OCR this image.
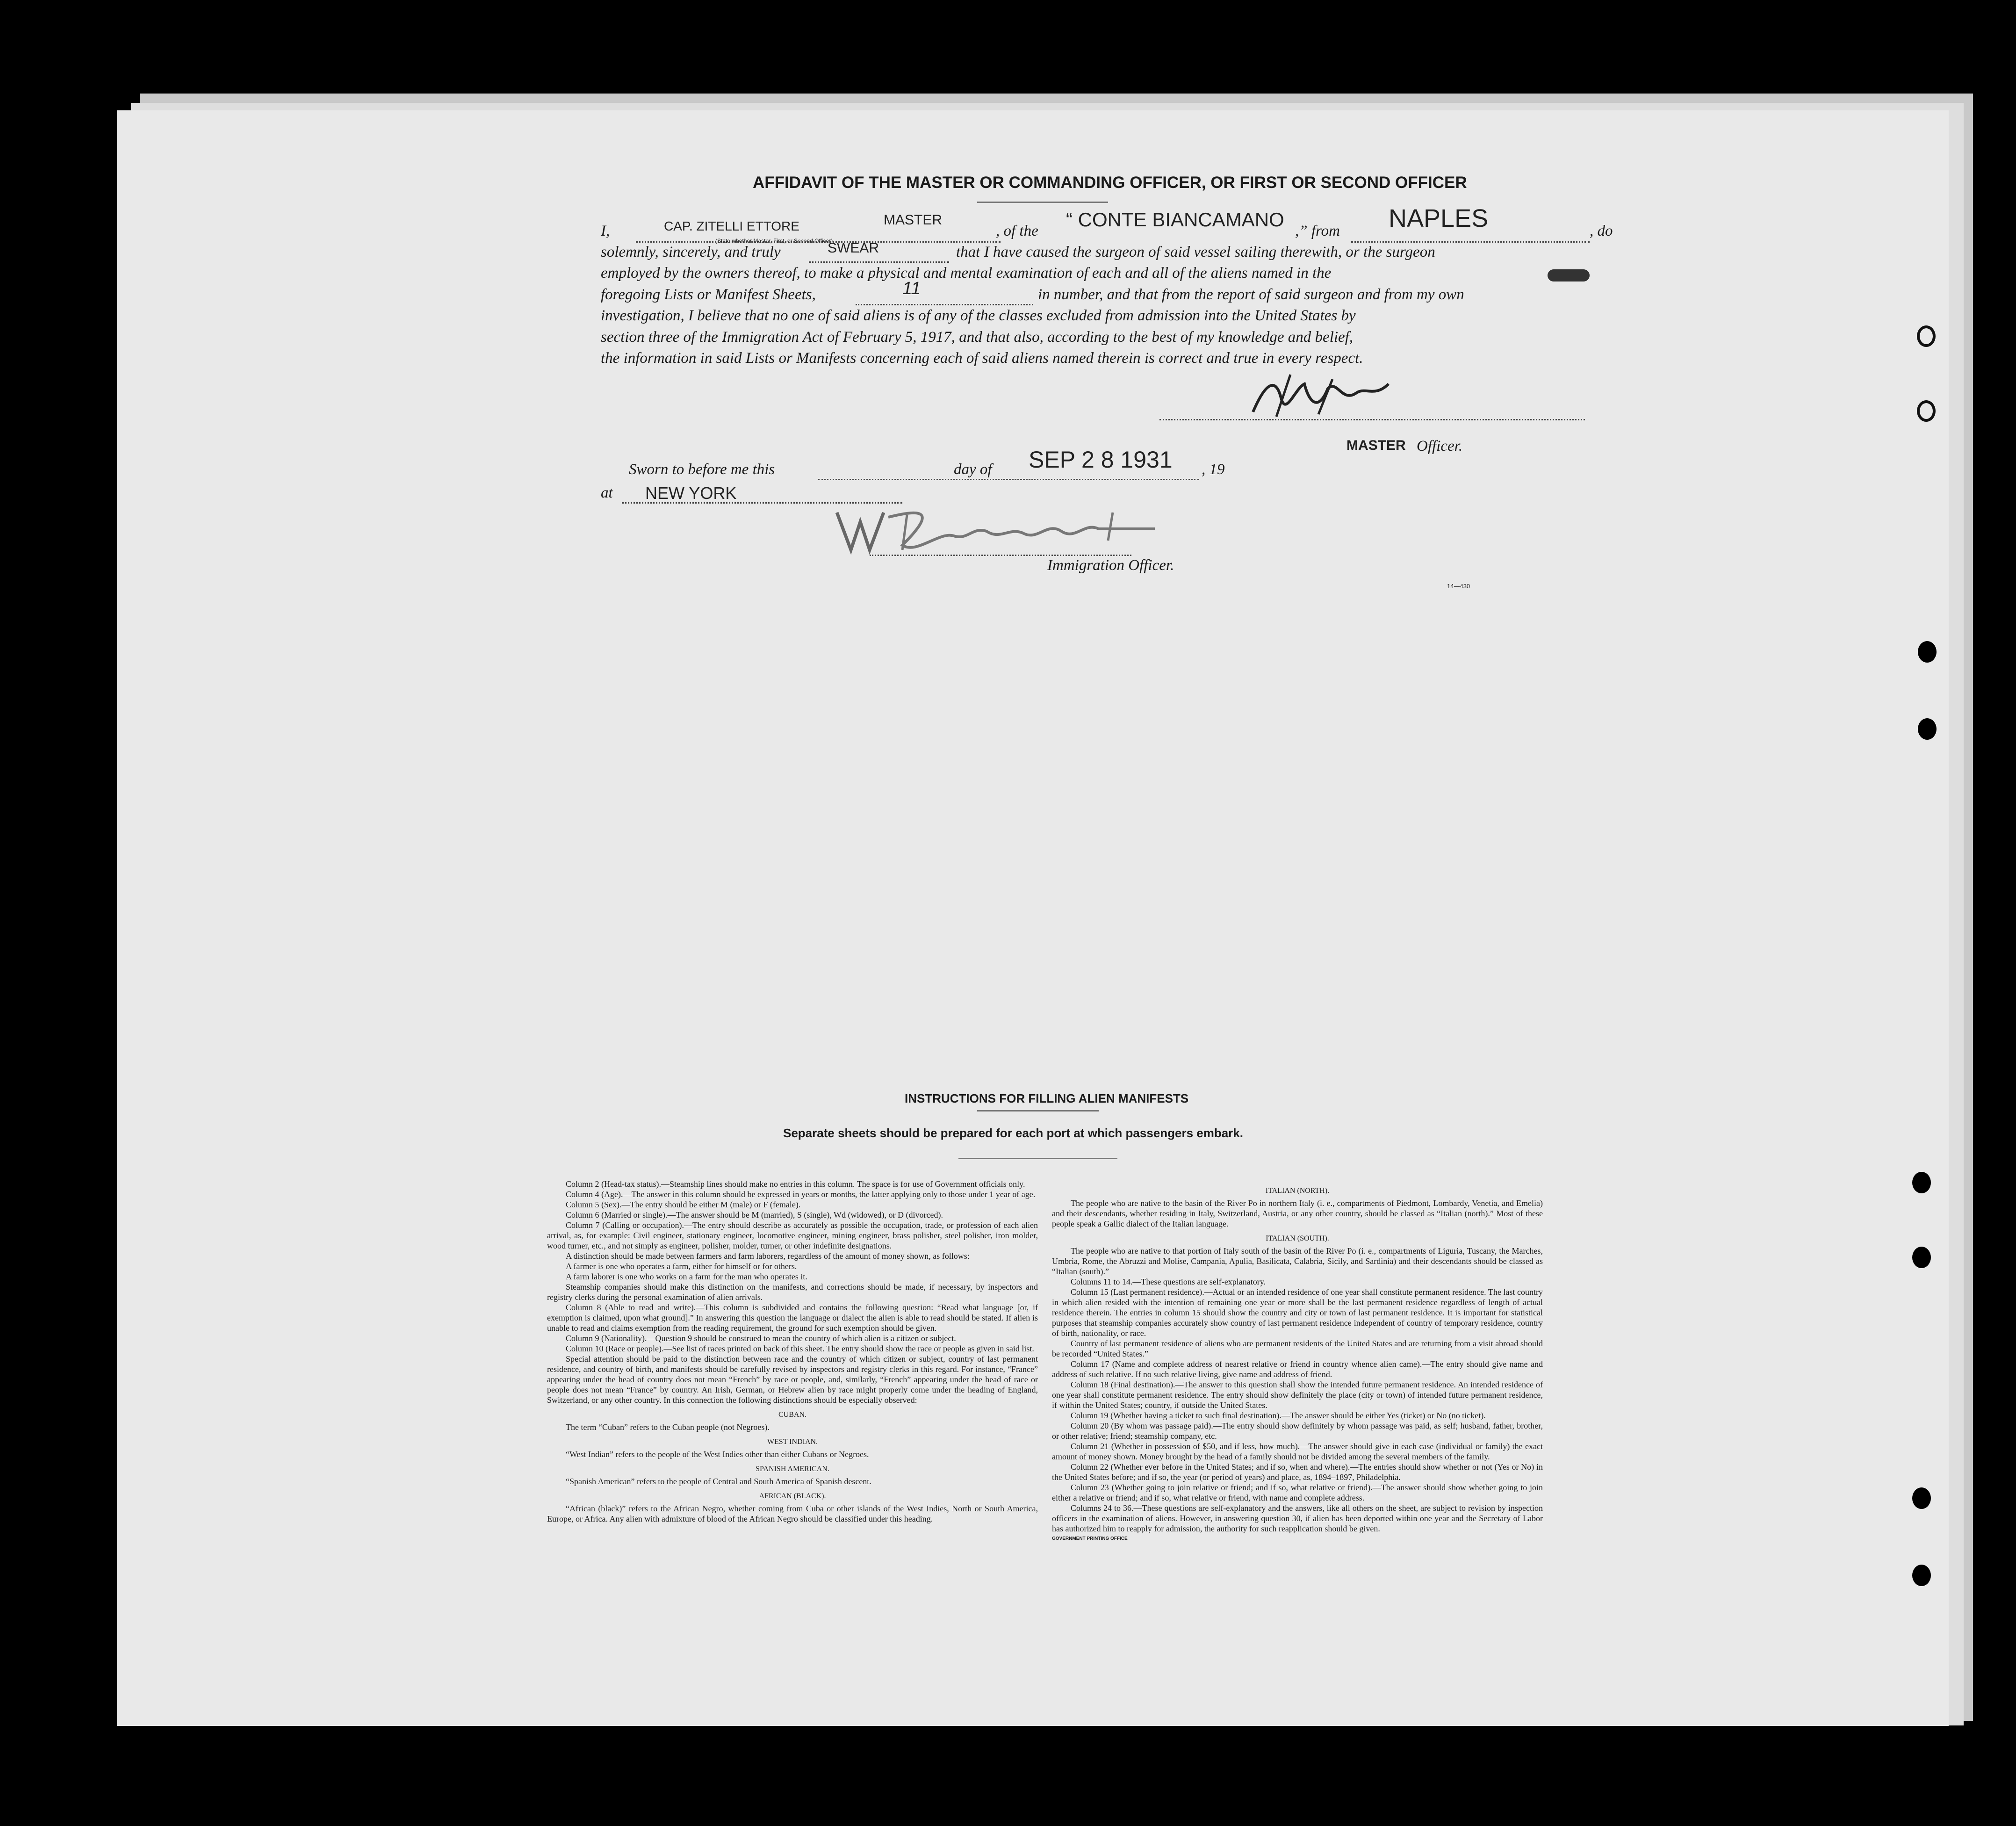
AFFIDAVIT OF THE MASTER OR COMMANDING OFFICER, OR FIRST OR SECOND OFFICER
I,	CAP. ZITELLI ETTORE	MASTER
(State whether Master, First, or Second Officer)
, of the
“ CONTE BIANCAMANO
,” from NAPLES	, do
solemnly, sincerely, and truly	SWEAR	that I have caused the surgeon of said vessel sailing therewith, or the surgeon
employed by the owners thereof, to make a physical and mental examination of each and all of the aliens named in the
foregoing Lists or Manifest Sheets,	11	in number, and that from the report of said surgeon and from my own
investigation, I believe that no one of said aliens is of any of the classes excluded from admission into the United States by
section three of the Immigration Act of February 5, 1917, and that also, according to the best of my knowledge and belief,
the information in said Lists or Manifests concerning each of said aliens named therein is correct and true in every respect.
MASTER Officer.
Sworn to before me this	day of SEP 2 8 1931 , 19
at NEW YORK
Immigration Officer.
14—430
INSTRUCTIONS FOR FILLING ALIEN MANIFESTS
Separate sheets should be prepared for each port at which passengers embark.

Column 2 (Head-tax status).—Steamship lines should make no entries in this column. The space is for use of Government officials only.

Column 4 (Age).—The answer in this column should be expressed in years or months, the latter applying only to those under 1 year of age.

Column 5 (Sex).—The entry should be either M (male) or F (female).

Column 6 (Married or single).—The answer should be M (married), S (single), Wd (widowed), or D (divorced).

Column 7 (Calling or occupation).—The entry should describe as accurately as possible the occupation, trade, or profession of each alien arrival, as, for example: Civil engineer, stationary engineer, locomotive engineer, mining engineer, brass polisher, steel polisher, iron molder, wood turner, etc., and not simply as engineer, polisher, molder, turner, or other indefinite designations.

A distinction should be made between farmers and farm laborers, regardless of the amount of money shown, as follows:

A farmer is one who operates a farm, either for himself or for others.

A farm laborer is one who works on a farm for the man who operates it.

Steamship companies should make this distinction on the manifests, and corrections should be made, if necessary, by inspectors and registry clerks during the personal examination of alien arrivals.

Column 8 (Able to read and write).—This column is subdivided and contains the following question: “Read what language [or, if exemption is claimed, upon what ground].” In answering this question the language or dialect the alien is able to read should be stated. If alien is unable to read and claims exemption from the reading requirement, the ground for such exemption should be given.

Column 9 (Nationality).—Question 9 should be construed to mean the country of which alien is a citizen or subject.

Column 10 (Race or people).—See list of races printed on back of this sheet. The entry should show the race or people as given in said list.

Special attention should be paid to the distinction between race and the country of which citizen or subject, country of last permanent residence, and country of birth, and manifests should be carefully revised by inspectors and registry clerks in this regard. For instance, “France” appearing under the head of country does not mean “French” by race or people, and, similarly, “French” appearing under the head of race or people does not mean “France” by country. An Irish, German, or Hebrew alien by race might properly come under the heading of England, Switzerland, or any other country. In this connection the following distinctions should be especially observed:

CUBAN.

The term “Cuban” refers to the Cuban people (not Negroes).

WEST INDIAN.

“West Indian” refers to the people of the West Indies other than either Cubans or Negroes.

SPANISH AMERICAN.

“Spanish American” refers to the people of Central and South America of Spanish descent.

AFRICAN (BLACK).

“African (black)” refers to the African Negro, whether coming from Cuba or other islands of the West Indies, North or South America, Europe, or Africa. Any alien with admixture of blood of the African Negro should be classified under this heading.

ITALIAN (NORTH).

The people who are native to the basin of the River Po in northern Italy (i. e., compartments of Piedmont, Lombardy, Venetia, and Emelia) and their descendants, whether residing in Italy, Switzerland, Austria, or any other country, should be classed as “Italian (north).” Most of these people speak a Gallic dialect of the Italian language.

ITALIAN (SOUTH).

The people who are native to that portion of Italy south of the basin of the River Po (i. e., compartments of Liguria, Tuscany, the Marches, Umbria, Rome, the Abruzzi and Molise, Campania, Apulia, Basilicata, Calabria, Sicily, and Sardinia) and their descendants should be classed as “Italian (south).”

Columns 11 to 14.—These questions are self-explanatory.

Column 15 (Last permanent residence).—Actual or an intended residence of one year shall constitute permanent residence. The last country in which alien resided with the intention of remaining one year or more shall be the last permanent residence regardless of length of actual residence therein. The entries in column 15 should show the country and city or town of last permanent residence. It is important for statistical purposes that steamship companies accurately show country of last permanent residence independent of country of temporary residence, country of birth, nationality, or race.

Country of last permanent residence of aliens who are permanent residents of the United States and are returning from a visit abroad should be recorded “United States.”

Column 17 (Name and complete address of nearest relative or friend in country whence alien came).—The entry should give name and address of such relative. If no such relative living, give name and address of friend.

Column 18 (Final destination).—The answer to this question shall show the intended future permanent residence. An intended residence of one year shall constitute permanent residence. The entry should show definitely the place (city or town) of intended future permanent residence, if within the United States; country, if outside the United States.

Column 19 (Whether having a ticket to such final destination).—The answer should be either Yes (ticket) or No (no ticket).

Column 20 (By whom was passage paid).—The entry should show definitely by whom passage was paid, as self; husband, father, brother, or other relative; friend; steamship company, etc.

Column 21 (Whether in possession of $50, and if less, how much).—The answer should give in each case (individual or family) the exact amount of money shown. Money brought by the head of a family should not be divided among the several members of the family.

Column 22 (Whether ever before in the United States; and if so, when and where).—The entries should show whether or not (Yes or No) in the United States before; and if so, the year (or period of years) and place, as, 1894–1897, Philadelphia.

Column 23 (Whether going to join relative or friend; and if so, what relative or friend).—The answer should show whether going to join either a relative or friend; and if so, what relative or friend, with name and complete address.

Columns 24 to 36.—These questions are self-explanatory and the answers, like all others on the sheet, are subject to revision by inspection officers in the examination of aliens. However, in answering question 30, if alien has been deported within one year and the Secretary of Labor has authorized him to reapply for admission, the authority for such reapplication should be given.

GOVERNMENT PRINTING OFFICE
